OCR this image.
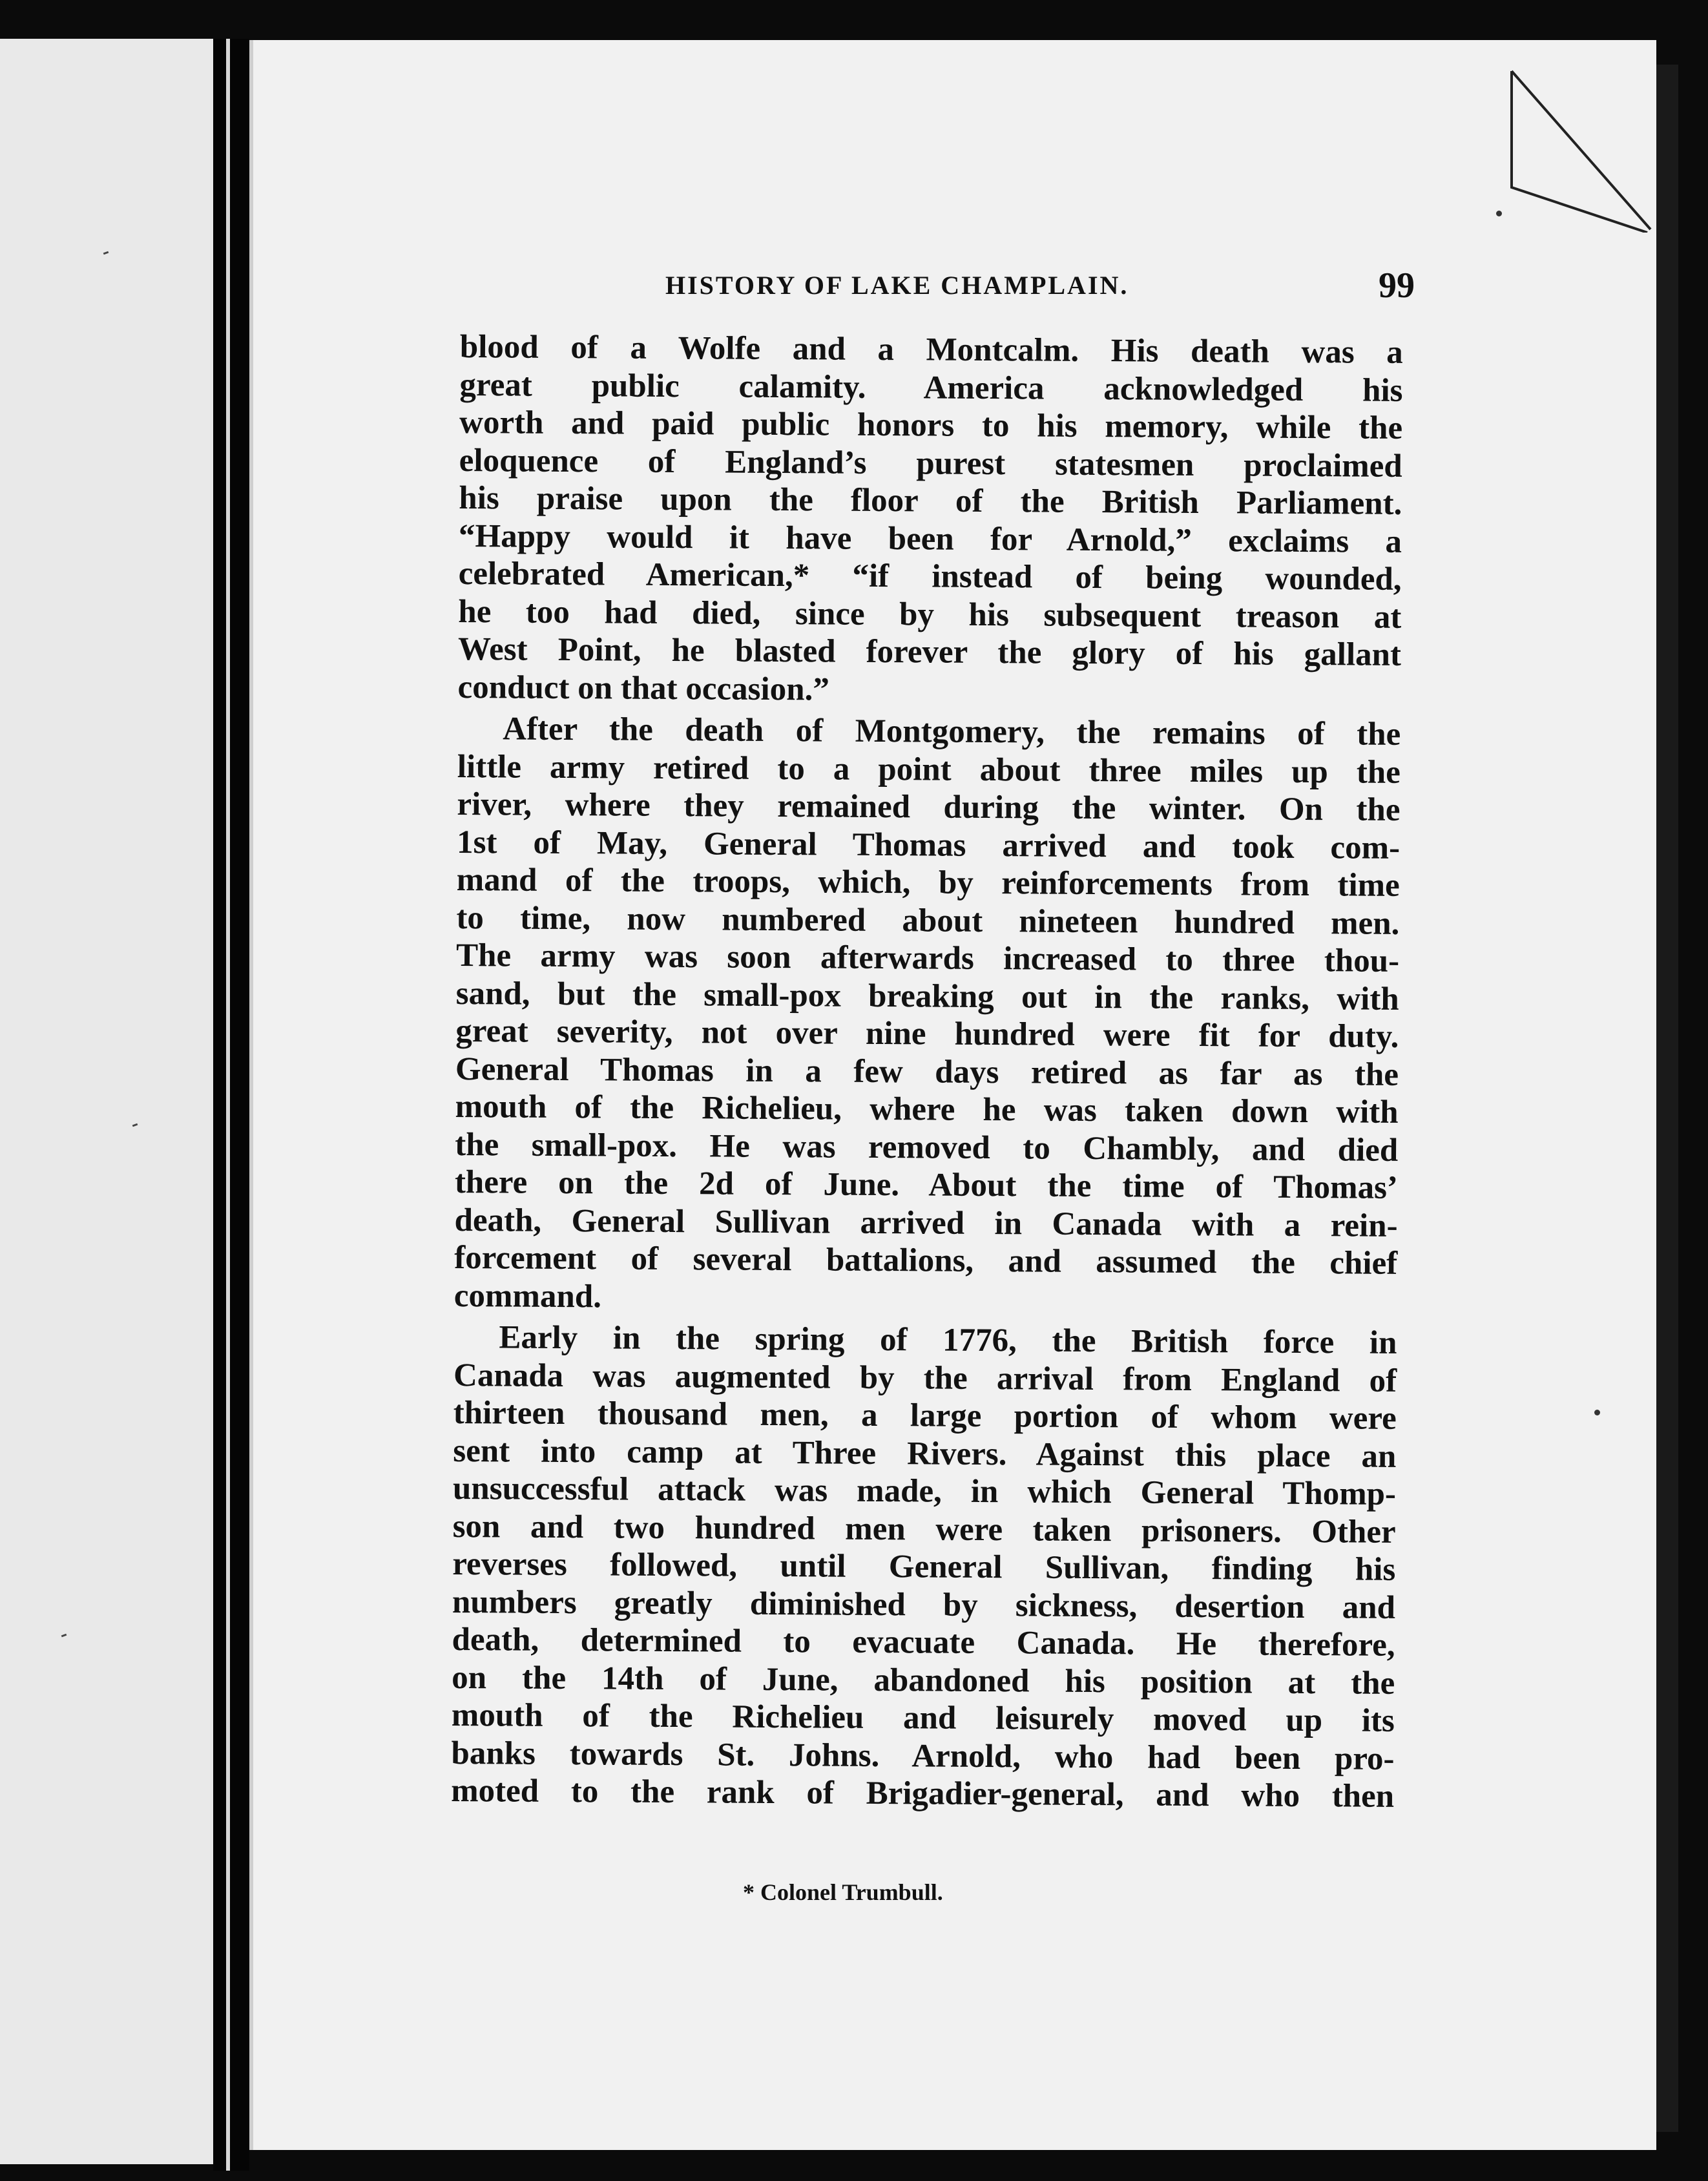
HISTORY OF LAKE CHAMPLAIN.	99
blood of a Wolfe and a Montcalm. His death was a
great public calamity. America acknowledged his
worth and paid public honors to his memory, while the
eloquence of England’s purest statesmen proclaimed
his praise upon the floor of the British Parliament.
“Happy would it have been for Arnold,” exclaims a
celebrated American,* “if instead of being wounded,
he too had died, since by his subsequent treason at
West Point, he blasted forever the glory of his gallant
conduct on that occasion.”
After the death of Montgomery, the remains of the
little army retired to a point about three miles up the
river, where they remained during the winter. On the
1st of May, General Thomas arrived and took com-
mand of the troops, which, by reinforcements from time
to time, now numbered about nineteen hundred men.
The army was soon afterwards increased to three thou-
sand, but the small-pox breaking out in the ranks, with
great severity, not over nine hundred were fit for duty.
General Thomas in a few days retired as far as the
mouth of the Richelieu, where he was taken down with
the small-pox. He was removed to Chambly, and died
there on the 2d of June. About the time of Thomas’
death, General Sullivan arrived in Canada with a rein-
forcement of several battalions, and assumed the chief
command.
Early in the spring of 1776, the British force in
Canada was augmented by the arrival from England of
thirteen thousand men, a large portion of whom were
sent into camp at Three Rivers. Against this place an
unsuccessful attack was made, in which General Thomp-
son and two hundred men were taken prisoners. Other
reverses followed, until General Sullivan, finding his
numbers greatly diminished by sickness, desertion and
death, determined to evacuate Canada. He therefore,
on the 14th of June, abandoned his position at the
mouth of the Richelieu and leisurely moved up its
banks towards St. Johns. Arnold, who had been pro-
moted to the rank of Brigadier-general, and who then
* Colonel Trumbull.
